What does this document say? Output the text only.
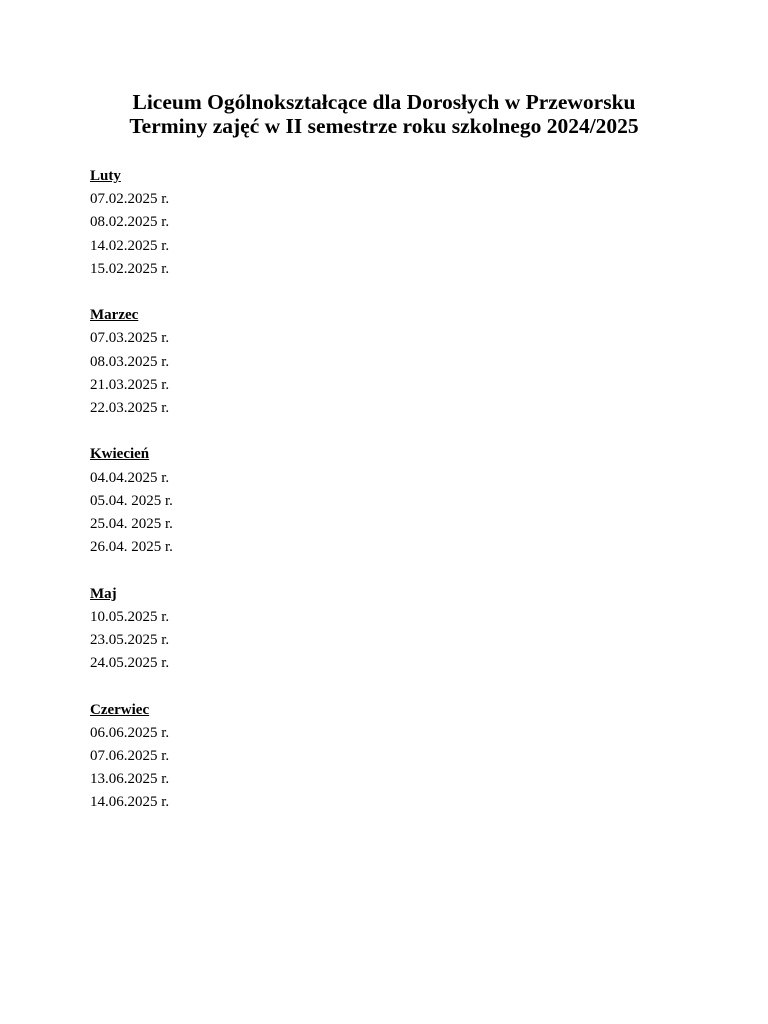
Liceum Ogólnokształcące dla Dorosłych w Przeworsku
Terminy zajęć w II semestrze roku szkolnego 2024/2025
Luty
07.02.2025 r.
08.02.2025 r.
14.02.2025 r.
15.02.2025 r.
Marzec
07.03.2025 r.
08.03.2025 r.
21.03.2025 r.
22.03.2025 r.
Kwiecień
04.04.2025 r.
05.04. 2025 r.
25.04. 2025 r.
26.04. 2025 r.
Maj
10.05.2025 r.
23.05.2025 r.
24.05.2025 r.
Czerwiec
06.06.2025 r.
07.06.2025 r.
13.06.2025 r.
14.06.2025 r.
